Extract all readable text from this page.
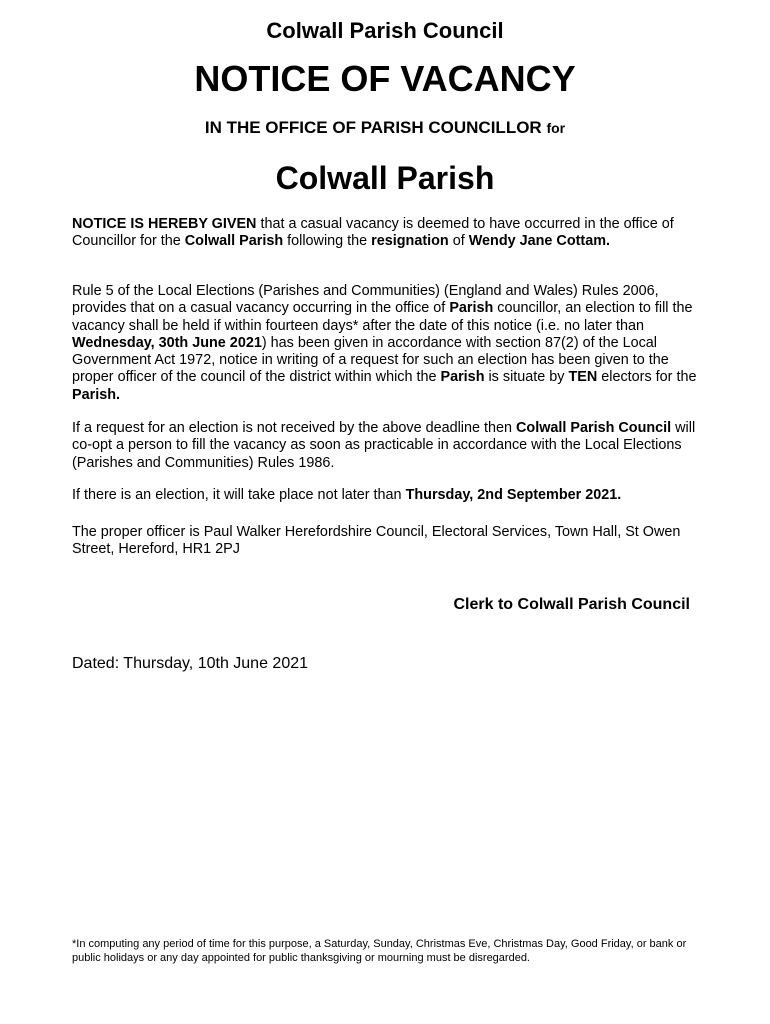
Colwall Parish Council
NOTICE OF VACANCY
IN THE OFFICE OF PARISH COUNCILLOR for
Colwall Parish

NOTICE IS HEREBY GIVEN that a casual vacancy is deemed to have occurred in the office of Councillor for the Colwall Parish following the resignation of Wendy Jane Cottam.

Rule 5 of the Local Elections (Parishes and Communities) (England and Wales) Rules 2006, provides that on a casual vacancy occurring in the office of Parish councillor, an election to fill the vacancy shall be held if within fourteen days* after the date of this notice (i.e. no later than Wednesday, 30th June 2021) has been given in accordance with section 87(2) of the Local Government Act 1972, notice in writing of a request for such an election has been given to the proper officer of the council of the district within which the Parish is situate by TEN electors for the Parish.

If a request for an election is not received by the above deadline then Colwall Parish Council will co-opt a person to fill the vacancy as soon as practicable in accordance with the Local Elections (Parishes and Communities) Rules 1986.

If there is an election, it will take place not later than Thursday, 2nd September 2021.

The proper officer is Paul Walker Herefordshire Council, Electoral Services, Town Hall, St Owen Street, Hereford, HR1 2PJ

Clerk to Colwall Parish Council

Dated: Thursday, 10th June 2021

*In computing any period of time for this purpose, a Saturday, Sunday, Christmas Eve, Christmas Day, Good Friday, or bank or public holidays or any day appointed for public thanksgiving or mourning must be disregarded.
